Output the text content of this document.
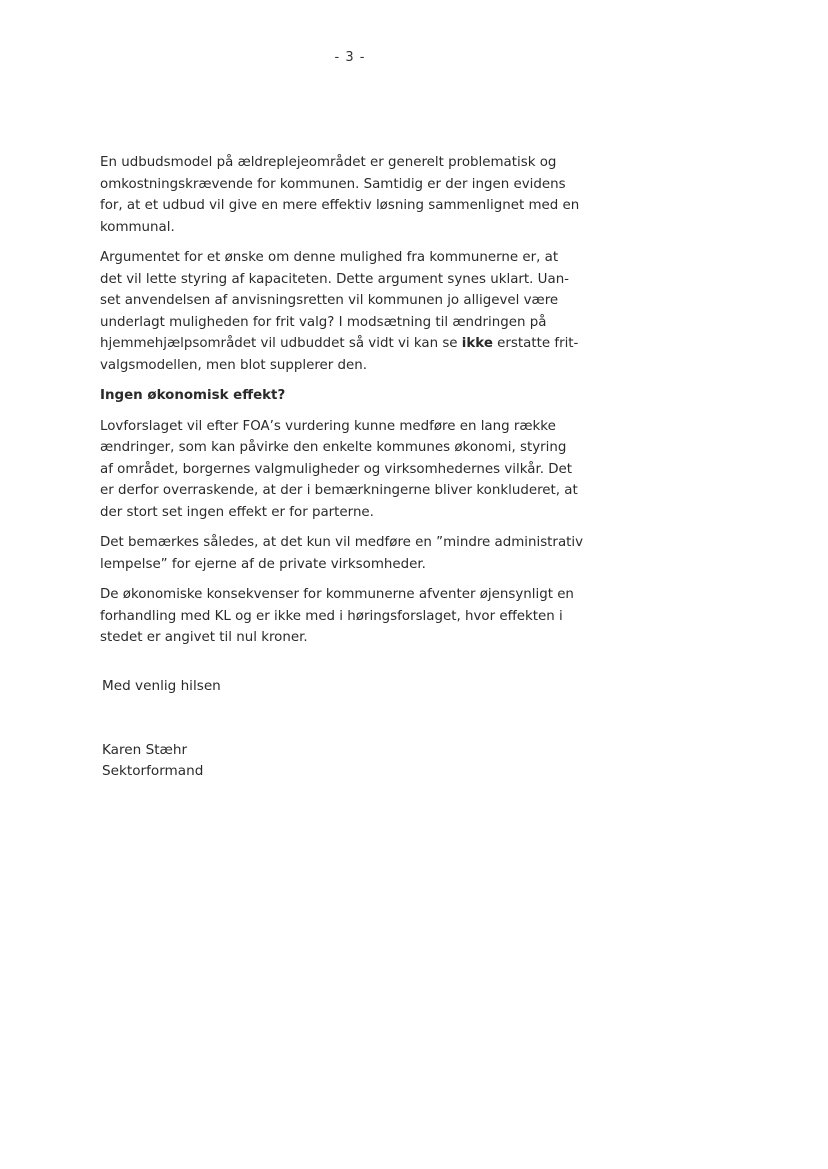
- 3 -

En udbudsmodel på ældreplejeområdet er generelt problematisk og
omkostningskrævende for kommunen. Samtidig er der ingen evidens
for, at et udbud vil give en mere effektiv løsning sammenlignet med en
kommunal.

Argumentet for et ønske om denne mulighed fra kommunerne er, at
det vil lette styring af kapaciteten. Dette argument synes uklart. Uan-
set anvendelsen af anvisningsretten vil kommunen jo alligevel være
underlagt muligheden for frit valg? I modsætning til ændringen på
hjemmehjælpsområdet vil udbuddet så vidt vi kan se ikke erstatte frit-
valgsmodellen, men blot supplerer den.

Ingen økonomisk effekt?

Lovforslaget vil efter FOA’s vurdering kunne medføre en lang række
ændringer, som kan påvirke den enkelte kommunes økonomi, styring
af området, borgernes valgmuligheder og virksomhedernes vilkår. Det
er derfor overraskende, at der i bemærkningerne bliver konkluderet, at
der stort set ingen effekt er for parterne.

Det bemærkes således, at det kun vil medføre en ”mindre administrativ
lempelse” for ejerne af de private virksomheder.

De økonomiske konsekvenser for kommunerne afventer øjensynligt en
forhandling med KL og er ikke med i høringsforslaget, hvor effekten i
stedet er angivet til nul kroner.

Med venlig hilsen
Karen Stæhr
Sektorformand
